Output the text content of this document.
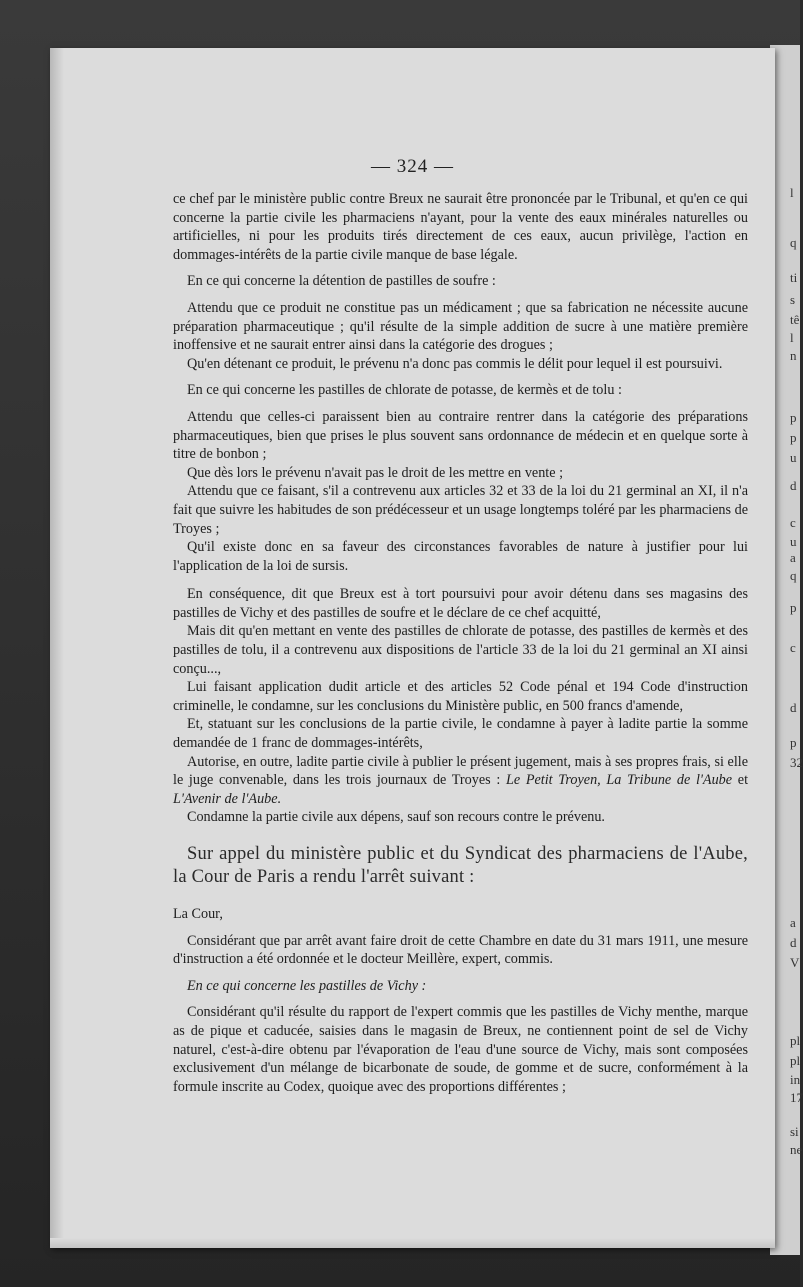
l
q
ti
s
tê
l
n
p
p
u
d
c
u
a
q
p
c
d
p
32
a
d
V
pl
pl
in
17
si
ne
— 324 —

ce chef par le ministère public contre Breux ne saurait être prononcée par le Tribunal, et qu'en ce qui concerne la partie civile les pharmaciens n'ayant, pour la vente des eaux minérales naturelles ou artificielles, ni pour les produits tirés directement de ces eaux, aucun privilège, l'action en dommages-intérêts de la partie civile manque de base légale.

En ce qui concerne la détention de pastilles de soufre :

Attendu que ce produit ne constitue pas un médicament ; que sa fabrication ne nécessite aucune préparation pharmaceutique ; qu'il résulte de la simple addition de sucre à une matière première inoffensive et ne saurait entrer ainsi dans la catégorie des drogues ;

Qu'en détenant ce produit, le prévenu n'a donc pas commis le délit pour lequel il est poursuivi.

En ce qui concerne les pastilles de chlorate de potasse, de kermès et de tolu :

Attendu que celles-ci paraissent bien au contraire rentrer dans la catégorie des préparations pharmaceutiques, bien que prises le plus souvent sans ordonnance de médecin et en quelque sorte à titre de bonbon ;

Que dès lors le prévenu n'avait pas le droit de les mettre en vente ;

Attendu que ce faisant, s'il a contrevenu aux articles 32 et 33 de la loi du 21 germinal an XI, il n'a fait que suivre les habitudes de son prédécesseur et un usage longtemps toléré par les pharmaciens de Troyes ;

Qu'il existe donc en sa faveur des circonstances favorables de nature à justifier pour lui l'application de la loi de sursis.

En conséquence, dit que Breux est à tort poursuivi pour avoir détenu dans ses magasins des pastilles de Vichy et des pastilles de soufre et le déclare de ce chef acquitté,

Mais dit qu'en mettant en vente des pastilles de chlorate de potasse, des pastilles de kermès et des pastilles de tolu, il a contrevenu aux dispositions de l'article 33 de la loi du 21 germinal an XI ainsi conçu...,

Lui faisant application dudit article et des articles 52 Code pénal et 194 Code d'instruction criminelle, le condamne, sur les conclusions du Ministère public, en 500 francs d'amende,

Et, statuant sur les conclusions de la partie civile, le condamne à payer à ladite partie la somme demandée de 1 franc de dommages-intérêts,

Autorise, en outre, ladite partie civile à publier le présent jugement, mais à ses propres frais, si elle le juge convenable, dans les trois journaux de Troyes : Le Petit Troyen, La Tribune de l'Aube et L'Avenir de l'Aube.

Condamne la partie civile aux dépens, sauf son recours contre le prévenu.

Sur appel du ministère public et du Syndicat des pharmaciens de l'Aube, la Cour de Paris a rendu l'arrêt suivant :

La Cour,

Considérant que par arrêt avant faire droit de cette Chambre en date du 31 mars 1911, une mesure d'instruction a été ordonnée et le docteur Meillère, expert, commis.

En ce qui concerne les pastilles de Vichy :

Considérant qu'il résulte du rapport de l'expert commis que les pastilles de Vichy menthe, marque as de pique et caducée, saisies dans le magasin de Breux, ne contiennent point de sel de Vichy naturel, c'est-à-dire obtenu par l'évaporation de l'eau d'une source de Vichy, mais sont composées exclusivement d'un mélange de bicarbonate de soude, de gomme et de sucre, conformément à la formule inscrite au Codex, quoique avec des proportions différentes ;
